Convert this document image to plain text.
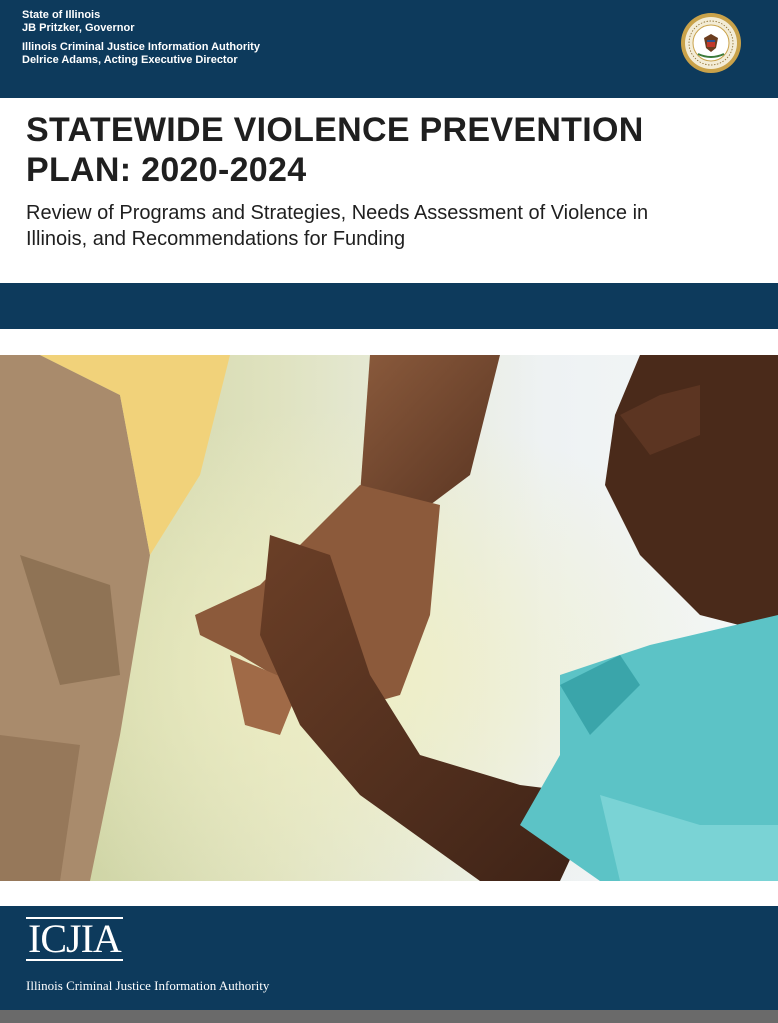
State of Illinois
JB Pritzker, Governor
Illinois Criminal Justice Information Authority
Delrice Adams, Acting Executive Director
STATEWIDE VIOLENCE PREVENTION
PLAN: 2020-2024

Review of Programs and Strategies, Needs Assessment of Violence in
Illinois, and Recommendations for Funding

ICJIA
Illinois Criminal Justice Information Authority
